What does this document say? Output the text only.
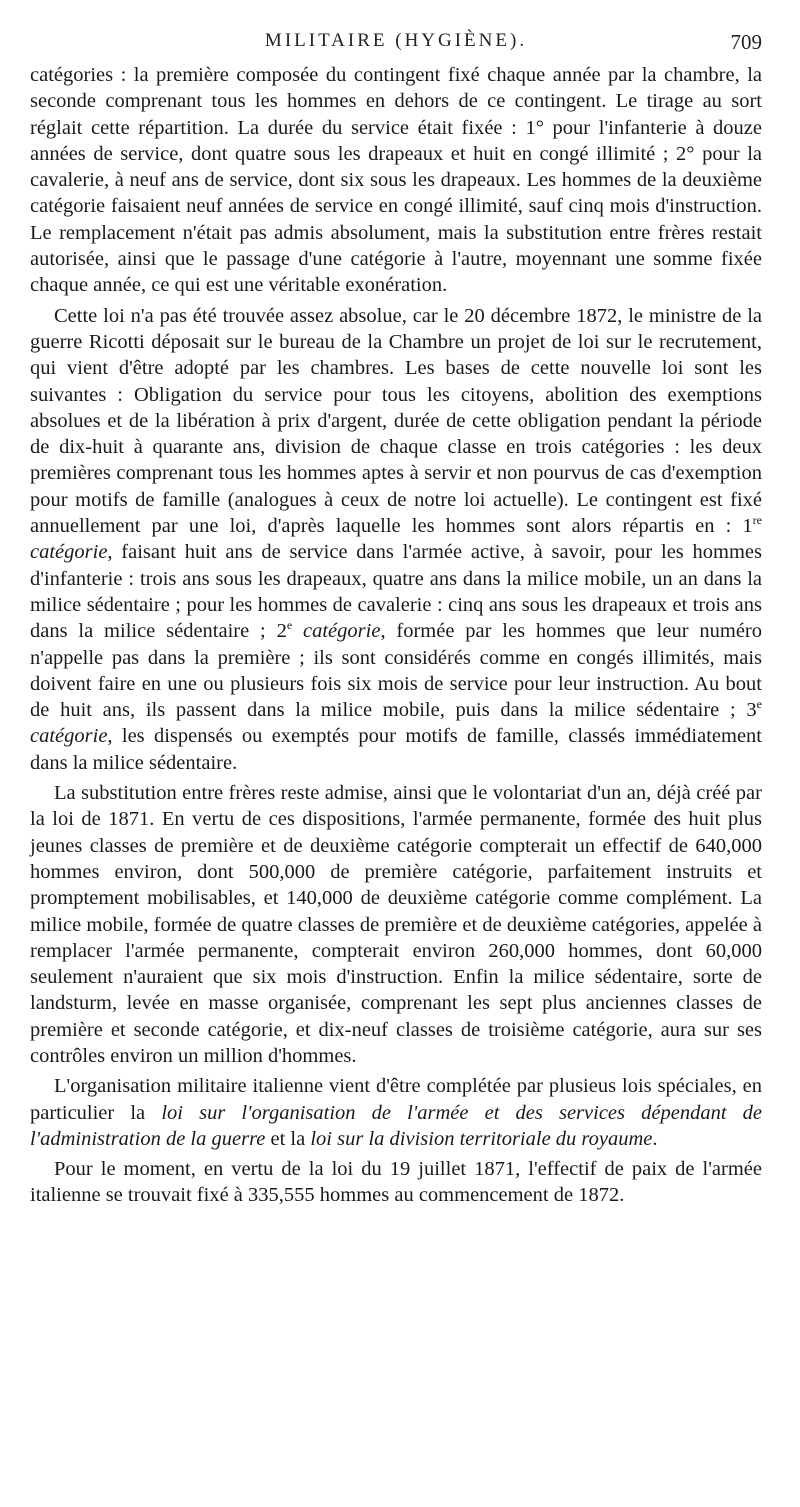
MILITAIRE (HYGIÈNE).	709

catégories : la première composée du contingent fixé chaque année par la chambre, la seconde comprenant tous les hommes en dehors de ce contingent. Le tirage au sort réglait cette répartition. La durée du service était fixée : 1° pour l'infanterie à douze années de service, dont quatre sous les drapeaux et huit en congé illimité ; 2° pour la cavalerie, à neuf ans de service, dont six sous les drapeaux. Les hommes de la deuxième catégorie faisaient neuf années de service en congé illimité, sauf cinq mois d'instruction. Le remplacement n'était pas admis absolument, mais la substitution entre frères restait autorisée, ainsi que le passage d'une catégorie à l'autre, moyennant une somme fixée chaque année, ce qui est une véritable exonération.

Cette loi n'a pas été trouvée assez absolue, car le 20 décembre 1872, le ministre de la guerre Ricotti déposait sur le bureau de la Chambre un projet de loi sur le recrutement, qui vient d'être adopté par les chambres. Les bases de cette nouvelle loi sont les suivantes : Obligation du service pour tous les citoyens, abolition des exemptions absolues et de la libération à prix d'argent, durée de cette obligation pendant la période de dix-huit à quarante ans, division de chaque classe en trois catégories : les deux premières comprenant tous les hommes aptes à servir et non pourvus de cas d'exemption pour motifs de famille (analogues à ceux de notre loi actuelle). Le contingent est fixé annuellement par une loi, d'après laquelle les hommes sont alors répartis en : 1re catégorie, faisant huit ans de service dans l'armée active, à savoir, pour les hommes d'infanterie : trois ans sous les drapeaux, quatre ans dans la milice mobile, un an dans la milice sédentaire ; pour les hommes de cavalerie : cinq ans sous les drapeaux et trois ans dans la milice sédentaire ; 2e catégorie, formée par les hommes que leur numéro n'appelle pas dans la première ; ils sont considérés comme en congés illimités, mais doivent faire en une ou plusieurs fois six mois de service pour leur instruction. Au bout de huit ans, ils passent dans la milice mobile, puis dans la milice sédentaire ; 3e catégorie, les dispensés ou exemptés pour motifs de famille, classés immédiatement dans la milice sédentaire.

La substitution entre frères reste admise, ainsi que le volontariat d'un an, déjà créé par la loi de 1871. En vertu de ces dispositions, l'armée permanente, formée des huit plus jeunes classes de première et de deuxième catégorie compterait un effectif de 640,000 hommes environ, dont 500,000 de première catégorie, parfaitement instruits et promptement mobilisables, et 140,000 de deuxième catégorie comme complément. La milice mobile, formée de quatre classes de première et de deuxième catégories, appelée à remplacer l'armée permanente, compterait environ 260,000 hommes, dont 60,000 seulement n'auraient que six mois d'instruction. Enfin la milice sédentaire, sorte de landsturm, levée en masse organisée, comprenant les sept plus anciennes classes de première et seconde catégorie, et dix-neuf classes de troisième catégorie, aura sur ses contrôles environ un million d'hommes.

L'organisation militaire italienne vient d'être complétée par plusieus lois spéciales, en particulier la loi sur l'organisation de l'armée et des services dépendant de l'administration de la guerre et la loi sur la division territoriale du royaume.

Pour le moment, en vertu de la loi du 19 juillet 1871, l'effectif de paix de l'armée italienne se trouvait fixé à 335,555 hommes au commencement de 1872.
